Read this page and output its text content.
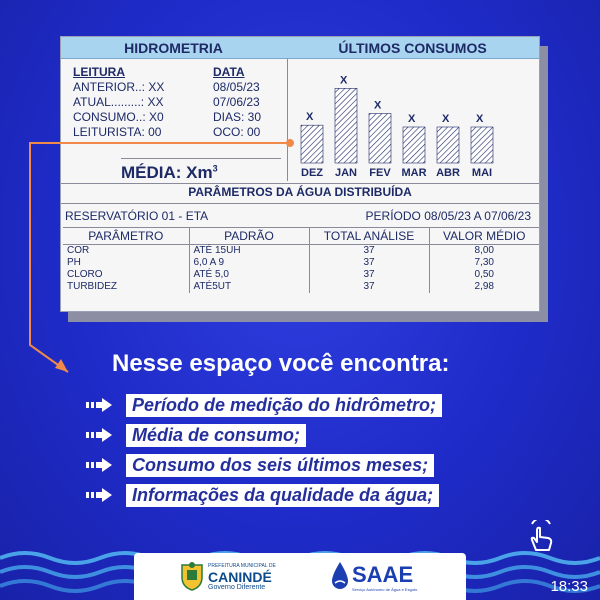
HIDROMETRIA	ÚLTIMOS CONSUMOS
LEITURA	DATA
ANTERIOR..: XX	08/05/23
ATUAL.........: XX	07/06/23
CONSUMO..: X0	DIAS: 30
LEITURISTA: 00	OCO: 00
MÉDIA: Xm$^3$
X
DEZ
X
JAN
X
FEV
X
MAR
X
ABR
X
MAI
PARÂMETROS DA ÁGUA DISTRIBUÍDA
RESERVATÓRIO 01 - ETA	PERÍODO 08/05/23 A 07/06/23
PARÂMETRO	PADRÃO	TOTAL ANÁLISE	VALOR MÉDIO
COR	ATÉ 15UH	37	8,00
PH	6,0 A 9	37	7,30
CLORO	ATÉ 5,0	37	0,50
TURBIDEZ	ATÉ5UT	37	2,98
Nesse espaço você encontra:
Período de medição do hidrômetro;
Média de consumo;
Consumo dos seis últimos meses;
Informações da qualidade da água;
PREFEITURA MUNICIPAL DE
CANINDÉ
Governo Diferente
SAAE
Serviço Autônomo de Água e Esgoto	18:33
